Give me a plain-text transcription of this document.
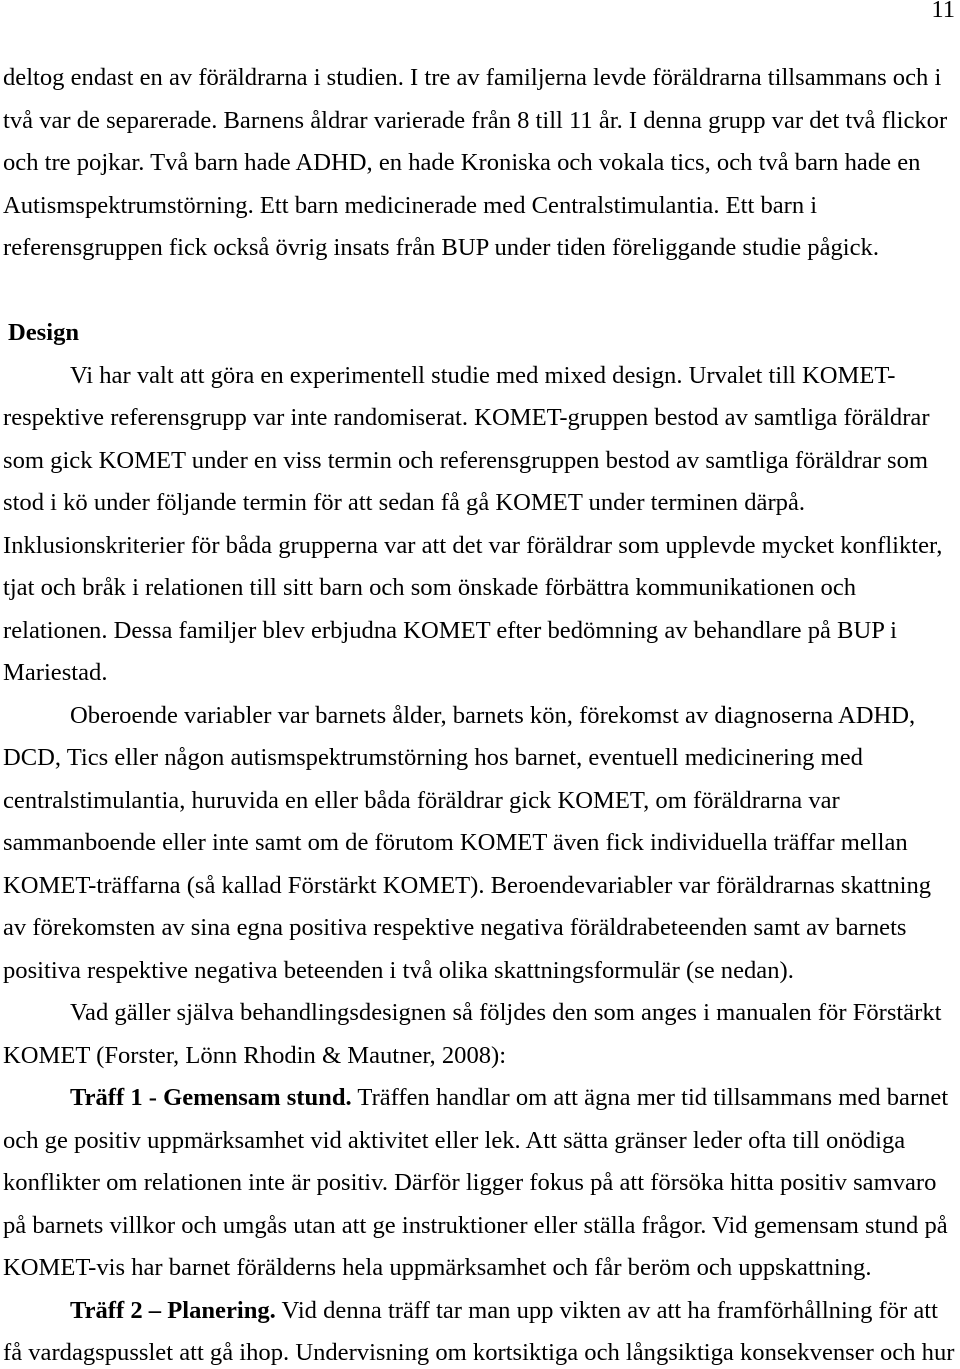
11
deltog endast en av föräldrarna i studien. I tre av familjerna levde föräldrarna tillsammans och i
två var de separerade. Barnens åldrar varierade från 8 till 11 år. I denna grupp var det två flickor
och tre pojkar. Två barn hade ADHD, en hade Kroniska och vokala tics, och två barn hade en
Autismspektrumstörning. Ett barn medicinerade med Centralstimulantia. Ett barn i
referensgruppen fick också övrig insats från BUP under tiden föreliggande studie pågick.
Design
Vi har valt att göra en experimentell studie med mixed design. Urvalet till KOMET-
respektive referensgrupp var inte randomiserat. KOMET-gruppen bestod av samtliga föräldrar
som gick KOMET under en viss termin och referensgruppen bestod av samtliga föräldrar som
stod i kö under följande termin för att sedan få gå KOMET under terminen därpå.
Inklusionskriterier för båda grupperna var att det var föräldrar som upplevde mycket konflikter,
tjat och bråk i relationen till sitt barn och som önskade förbättra kommunikationen och
relationen. Dessa familjer blev erbjudna KOMET efter bedömning av behandlare på BUP i
Mariestad.
Oberoende variabler var barnets ålder, barnets kön, förekomst av diagnoserna ADHD,
DCD, Tics eller någon autismspektrumstörning hos barnet, eventuell medicinering med
centralstimulantia, huruvida en eller båda föräldrar gick KOMET, om föräldrarna var
sammanboende eller inte samt om de förutom KOMET även fick individuella träffar mellan
KOMET-träffarna (så kallad Förstärkt KOMET). Beroendevariabler var föräldrarnas skattning
av förekomsten av sina egna positiva respektive negativa föräldrabeteenden samt av barnets
positiva respektive negativa beteenden i två olika skattningsformulär (se nedan).
Vad gäller själva behandlingsdesignen så följdes den som anges i manualen för Förstärkt
KOMET (Forster, Lönn Rhodin & Mautner, 2008):
Träff 1 - Gemensam stund. Träffen handlar om att ägna mer tid tillsammans med barnet
och ge positiv uppmärksamhet vid aktivitet eller lek. Att sätta gränser leder ofta till onödiga
konflikter om relationen inte är positiv. Därför ligger fokus på att försöka hitta positiv samvaro
på barnets villkor och umgås utan att ge instruktioner eller ställa frågor. Vid gemensam stund på
KOMET-vis har barnet förälderns hela uppmärksamhet och får beröm och uppskattning.
Träff 2 – Planering. Vid denna träff tar man upp vikten av att ha framförhållning för att
få vardagspusslet att gå ihop. Undervisning om kortsiktiga och långsiktiga konsekvenser och hur
